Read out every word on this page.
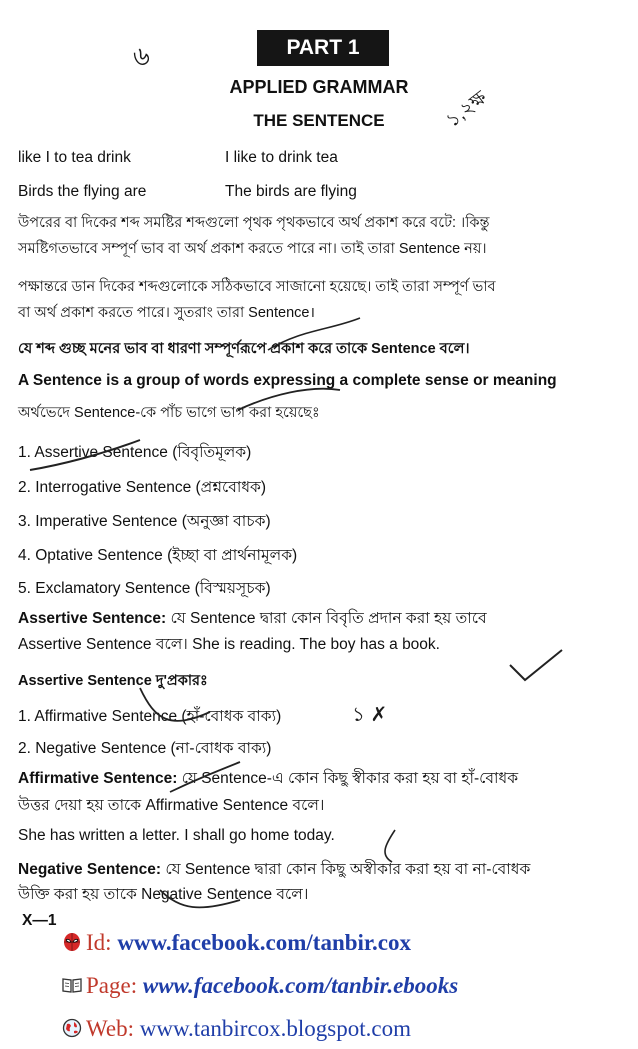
৬	PART 1
APPLIED GRAMMAR
THE SENTENCE	১,২ক্ষ
like I to tea drink	I like to drink tea
Birds the flying are	The birds are flying
উপরের বা দিকের শব্দ সমষ্টির শব্দগুলো পৃথক পৃথকভাবে অর্থ প্রকাশ করে বটে: ।কিন্তু
সমষ্টিগতভাবে সম্পূর্ণ ভাব বা অর্থ প্রকাশ করতে পারে না। তাই তারা Sentence নয়।
পক্ষান্তরে ডান দিকের শব্দগুলোকে সঠিকভাবে সাজানো হয়েছে। তাই তারা সম্পূর্ণ ভাব
বা অর্থ প্রকাশ করতে পারে। সুতরাং তারা Sentence।
যে শব্দ গুচ্ছ মনের ভাব বা ধারণা সম্পূর্ণরূপে প্রকাশ করে তাকে Sentence বলে।
A Sentence is a group of words expressing a complete sense or meaning
অর্থভেদে Sentence-কে পাঁচ ভাগে ভাগ করা হয়েছেঃ
1. Assertive Sentence (বিবৃতিমূলক)
2. Interrogative Sentence (প্রশ্নবোধক)
3. Imperative Sentence (অনুজ্ঞা বাচক)
4. Optative Sentence (ইচ্ছা বা প্রার্থনামূলক)
5. Exclamatory Sentence (বিস্ময়সূচক)
Assertive Sentence: যে Sentence দ্বারা কোন বিবৃতি প্রদান করা হয় তাবে
Assertive Sentence বলে। She is reading. The boy has a book.
Assertive Sentence দু'প্রকারঃ
1. Affirmative Sentence (হাঁ-বোধক বাক্য)
2. Negative Sentence (না-বোধক বাক্য)
১ ✗
Affirmative Sentence: যে Sentence-এ কোন কিছু স্বীকার করা হয় বা হাঁ-বোধক
উত্তর দেয়া হয় তাকে Affirmative Sentence বলে।
She has written a letter. I shall go home today.
Negative Sentence: যে Sentence দ্বারা কোন কিছু অস্বীকার করা হয় বা না-বোধক
উক্তি করা হয় তাকে Negative Sentence বলে।
X—1
Id: www.facebook.com/tanbir.cox
Page: www.facebook.com/tanbir.ebooks
Web: www.tanbircox.blogspot.com
